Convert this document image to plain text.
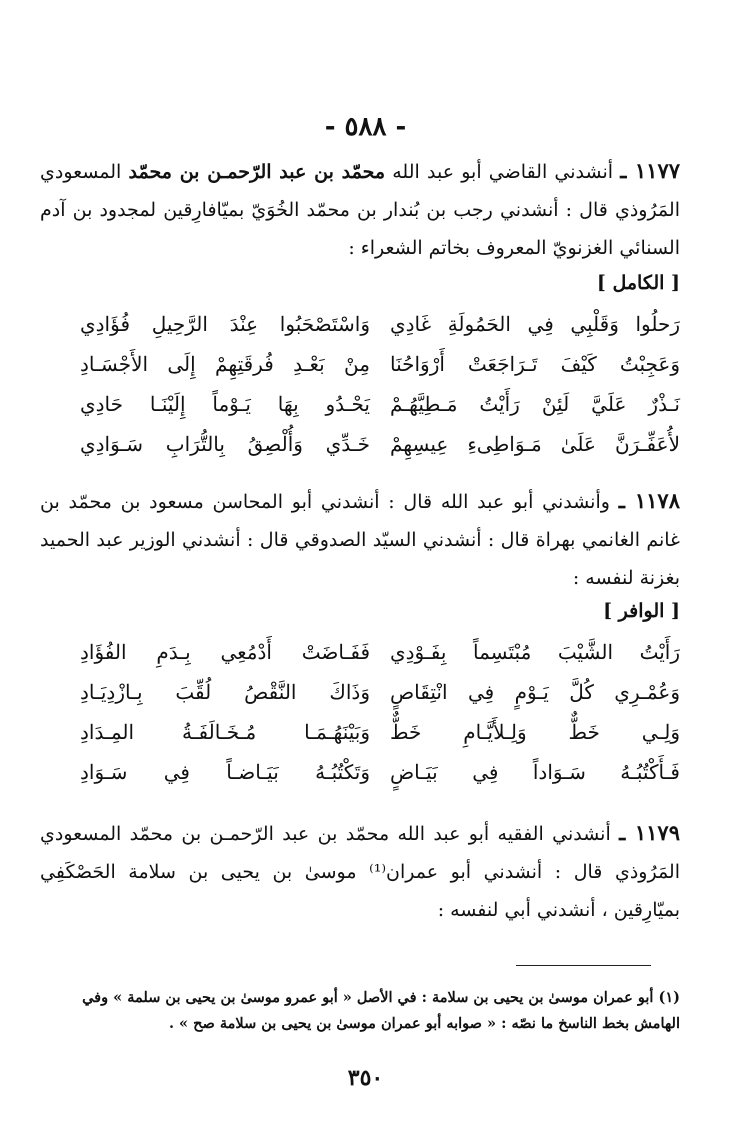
- ٥٨٨ -
١١٧٧ ـ أنشدني القاضي أبو عبد الله محمّد بن عبد الرّحمـن بن محمّد المسعودي المَرُوذي قال : أنشدني رجب بن بُندار بن محمّد الخُوَيّ بميّافارِقين لمجدود بن آدم السنائي الغزنويّ المعروف بخاتم الشعراء :
[ الكامل ]
رَحلُوا وَقَلْبِي فِي الحَمُولَةِ غَادِي
وَاسْتَصْحَبُوا عِنْدَ الرَّحِيلِ فُؤَادِي
وَعَجِبْتُ كَيْفَ تَـرَاجَعَتْ أَرْوَاحُنَا
مِنْ بَعْـدِ فُرقَتِهِمْ إِلَى الأَجْسَـادِ
نَـذْرٌ عَلَيَّ لَئِنْ رَأَيْتُ مَـطِيَّهُـمْ
يَحْـدُو بِهَا يَـوْماً إِلَيْنَـا حَادِي
لأُعَفِّـرَنَّ عَلَىٰ مَـوَاطِىءِ عِيسِهِمْ
خَـدِّي وَأُلْصِقُ بِالتُّرَابِ سَـوَادِي
١١٧٨ ـ وأنشدني أبو عبد الله قال : أنشدني أبو المحاسن مسعود بن محمّد بن غانم الغانمي بهراة قال : أنشدني السيّد الصدوقي قال : أنشدني الوزير عبد الحميد بغزنة لنفسه :
[ الوافر ]
رَأَيْتُ الشَّيْبَ مُبْتَسِماً بِفَـوْدِي
فَفَـاضَتْ أَدْمُعِي بِـدَمِ الفُؤَادِ
وَعُمْـرِي كُلَّ يَـوْمٍ فِي انْتِقَاصٍ
وَذَاكَ النَّقْصُ لُقِّبَ بِـازْدِيَـادِ
وَلِـي خَطٌّ وَلِـلأَيَّـامِ خَطٌّ
وَبَيْنَهُـمَـا مُـخَـالَفَـةُ المِـدَادِ
فَـأَكْتُبُـهُ سَـوَاداً فِي بَيَـاضٍ
وَتَكْتُبُـهُ بَيَـاضـاً فِي سَـوَادِ
١١٧٩ ـ أنشدني الفقيه أبو عبد الله محمّد بن عبد الرّحمـن بن محمّد المسعودي المَرُوذي قال : أنشدني أبو عمران⁽¹⁾ موسىٰ بن يحيى بن سلامة الحَصْكَفِي بميّارِقين ، أنشدني أبي لنفسه :
(١) أبو عمران موسىٰ بن يحيى بن سلامة : في الأصل « أبو عمرو موسىٰ بن يحيى بن سلمة » وفي الهامش بخط الناسخ ما نصّه : « صوابه أبو عمران موسىٰ بن يحيى بن سلامة صح » .
٣٥٠
